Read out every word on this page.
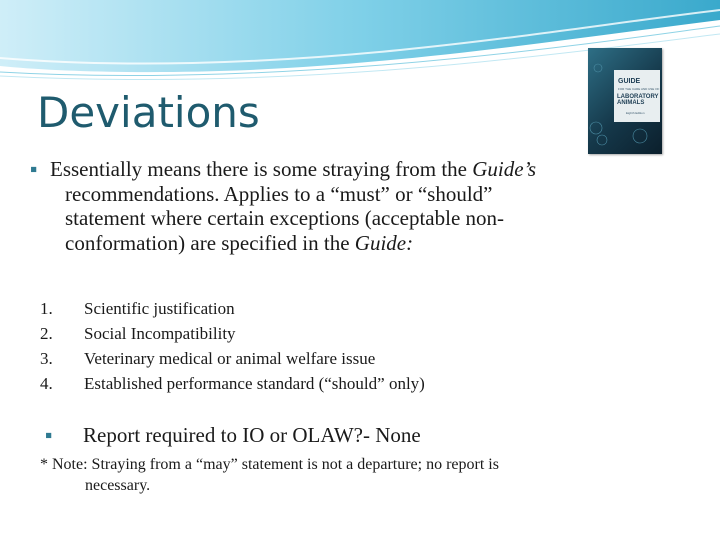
Deviations
GUIDE
FOR THE CARE AND USE OF
LABORATORY ANIMALS
Eighth Edition
▪ Essentially means there is some straying from the Guide’s
recommendations. Applies to a “must” or “should”
statement where certain exceptions (acceptable non-
conformation) are specified in the Guide:
1.	Scientific justification
2.	Social Incompatibility
3.	Veterinary medical or animal welfare issue
4.	Established performance standard (“should” only)
▪ Report required to IO or OLAW?- None
* Note: Straying from a “may” statement is not a departure; no report is
necessary.
